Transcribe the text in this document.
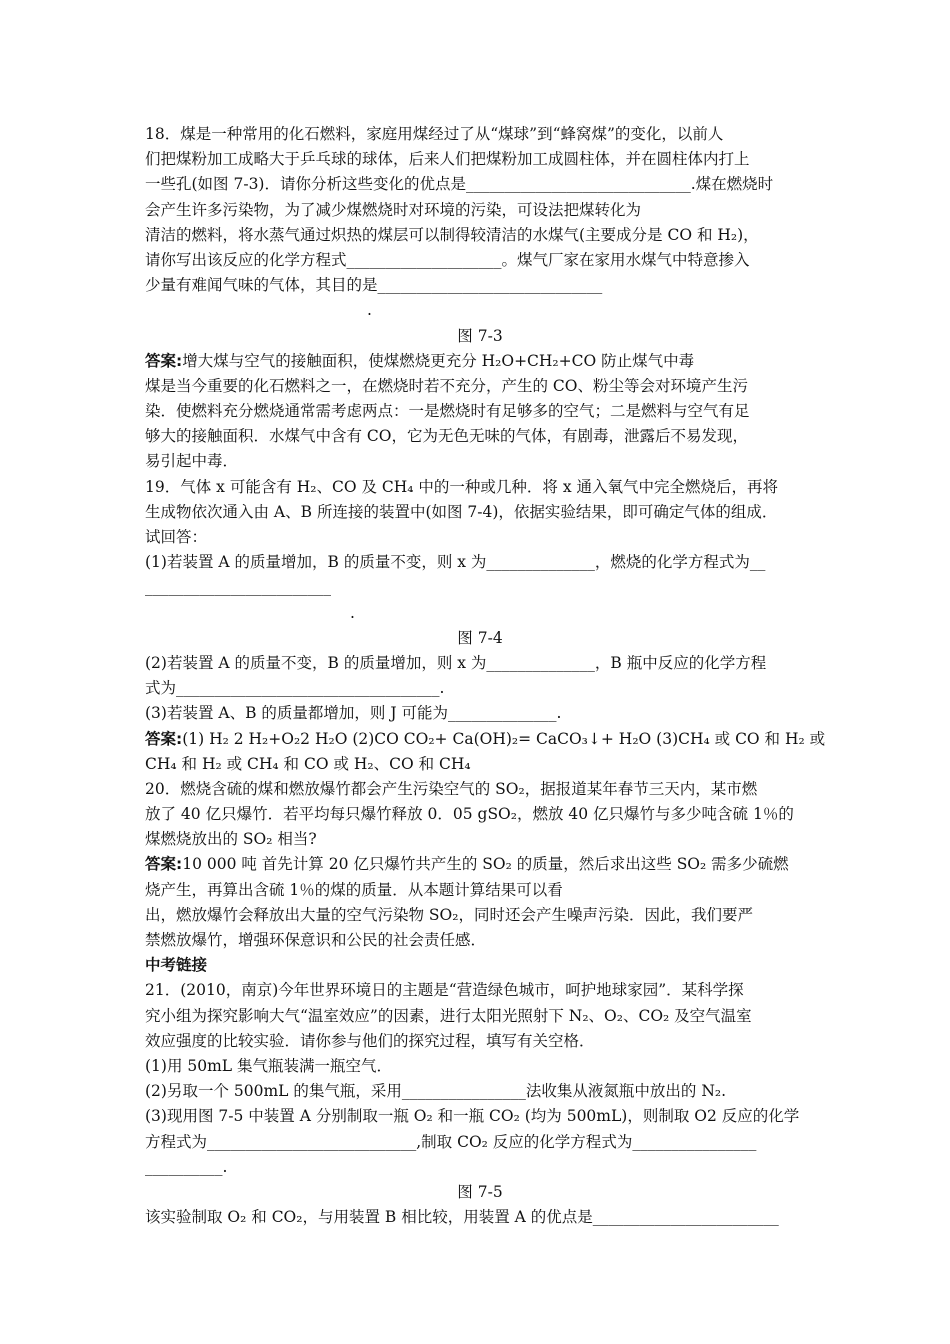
18．煤是一种常用的化石燃料，家庭用煤经过了从“煤球”到“蜂窝煤”的变化，以前人
们把煤粉加工成略大于乒乓球的球体，后来人们把煤粉加工成圆柱体，并在圆柱体内打上
一些孔(如图 7-3)．请你分析这些变化的优点是_____________________________.煤在燃烧时
会产生许多污染物，为了减少煤燃烧时对环境的污染，可设法把煤转化为
清洁的燃料，将水蒸气通过炽热的煤层可以制得较清洁的水煤气(主要成分是 CO 和 H₂)，
请你写出该反应的化学方程式____________________。煤气厂家在家用水煤气中特意掺入
少量有难闻气味的气体，其目的是_____________________________
.
图 7-3
答案:增大煤与空气的接触面积，使煤燃烧更充分 H₂O+CH₂+CO 防止煤气中毒
煤是当今重要的化石燃料之一，在燃烧时若不充分，产生的 CO、粉尘等会对环境产生污
染．使燃料充分燃烧通常需考虑两点：一是燃烧时有足够多的空气；二是燃料与空气有足
够大的接触面积．水煤气中含有 CO，它为无色无味的气体，有剧毒，泄露后不易发现，
易引起中毒．
19．气体 x 可能含有 H₂、CO 及 CH₄ 中的一种或几种．将 x 通入氧气中完全燃烧后，再将
生成物依次通入由 A、B 所连接的装置中(如图 7-4)，依据实验结果，即可确定气体的组成．
试回答：
(1)若装置 A 的质量增加，B 的质量不变，则 x 为______________，燃烧的化学方程式为__
________________________
.
图 7-4
(2)若装置 A 的质量不变，B 的质量增加，则 x 为______________，B 瓶中反应的化学方程
式为__________________________________.
(3)若装置 A、B 的质量都增加，则 J 可能为______________.
答案:(1) H₂ 2 H₂+O₂2 H₂O (2)CO CO₂+ Ca(OH)₂= CaCO₃↓+ H₂O (3)CH₄ 或 CO 和 H₂ 或
CH₄ 和 H₂ 或 CH₄ 和 CO 或 H₂、CO 和 CH₄
20．燃烧含硫的煤和燃放爆竹都会产生污染空气的 SO₂，据报道某年春节三天内，某市燃
放了 40 亿只爆竹．若平均每只爆竹释放 0．05 gSO₂，燃放 40 亿只爆竹与多少吨含硫 1％的
煤燃烧放出的 SO₂ 相当?
答案:10 000 吨 首先计算 20 亿只爆竹共产生的 SO₂ 的质量，然后求出这些 SO₂ 需多少硫燃
烧产生，再算出含硫 1％的煤的质量．从本题计算结果可以看
出，燃放爆竹会释放出大量的空气污染物 SO₂，同时还会产生噪声污染．因此，我们要严
禁燃放爆竹，增强环保意识和公民的社会责任感．
中考链接
21．(2010，南京)今年世界环境日的主题是“营造绿色城市，呵护地球家园”．某科学探
究小组为探究影响大气“温室效应”的因素，进行太阳光照射下 N₂、O₂、CO₂ 及空气温室
效应强度的比较实验．请你参与他们的探究过程，填写有关空格．
(1)用 50mL 集气瓶装满一瓶空气．
(2)另取一个 500mL 的集气瓶，采用________________法收集从液氮瓶中放出的 N₂.
(3)现用图 7-5 中装置 A 分别制取一瓶 O₂ 和一瓶 CO₂ (均为 500mL)，则制取 O2 反应的化学
方程式为___________________________,制取 CO₂ 反应的化学方程式为________________
__________.
图 7-5
该实验制取 O₂ 和 CO₂，与用装置 B 相比较，用装置 A 的优点是________________________
